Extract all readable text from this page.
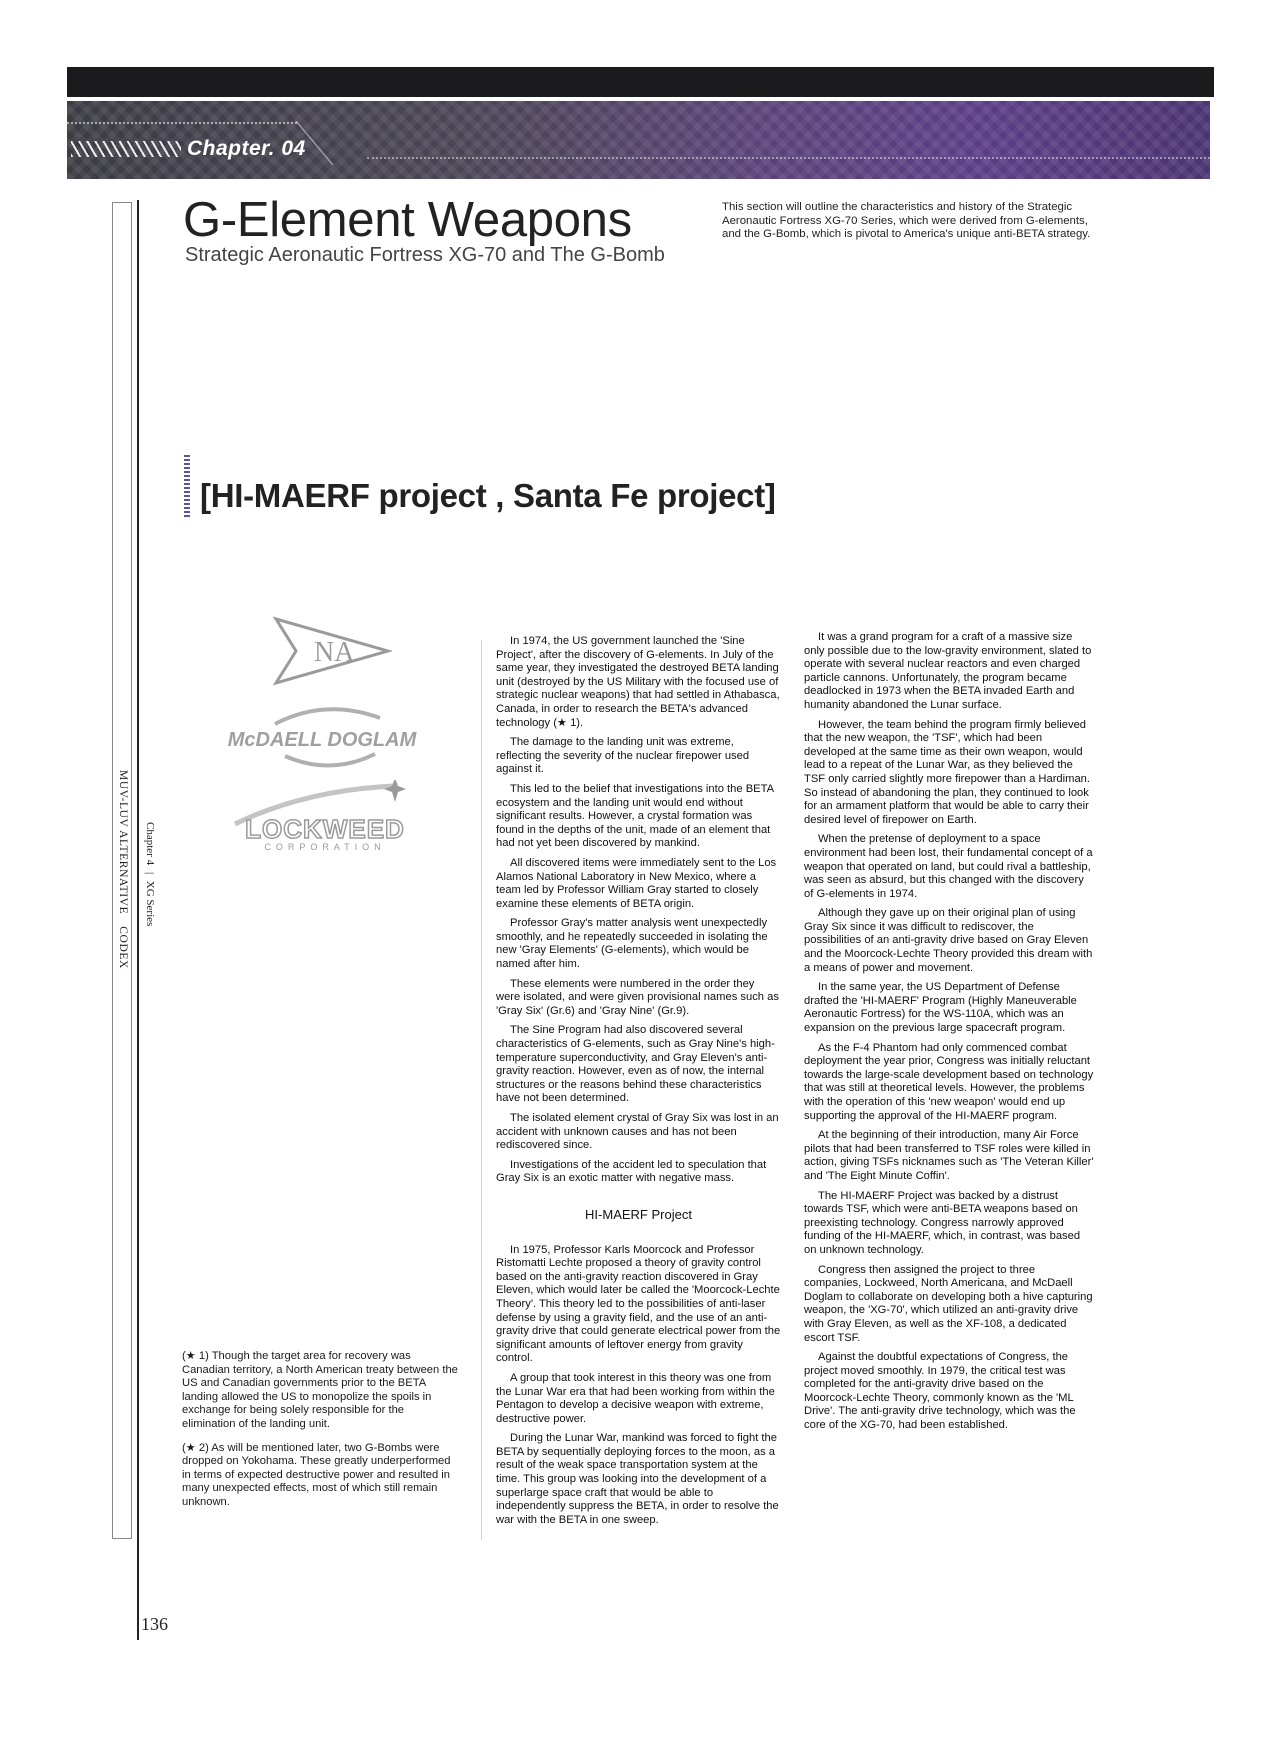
Chapter. 04
MUV-LUV ALTERNATIVE　CODEX Chapter 4 | XG Series
G-Element Weapons

Strategic Aeronautic Fortress XG-70 and The G-Bomb

This section will outline the characteristics and history of the Strategic Aeronautic Fortress XG-70 Series, which were derived from G-elements, and the G-Bomb, which is pivotal to America's unique anti-BETA strategy.

[HI-MAERF project , Santa Fe project]
NA
McDAELL DOGLAM
LOCKWEED
CORPORATION

In 1974, the US government launched the 'Sine Project', after the discovery of G-elements. In July of the same year, they investigated the destroyed BETA landing unit (destroyed by the US Military with the focused use of strategic nuclear weapons) that had settled in Athabasca, Canada, in order to research the BETA's advanced technology (★ 1).

The damage to the landing unit was extreme, reflecting the severity of the nuclear firepower used against it.

This led to the belief that investigations into the BETA ecosystem and the landing unit would end without significant results. However, a crystal formation was found in the depths of the unit, made of an element that had not yet been discovered by mankind.

All discovered items were immediately sent to the Los Alamos National Laboratory in New Mexico, where a team led by Professor William Gray started to closely examine these elements of BETA origin.

Professor Gray's matter analysis went unexpectedly smoothly, and he repeatedly succeeded in isolating the new 'Gray Elements' (G-elements), which would be named after him.

These elements were numbered in the order they were isolated, and were given provisional names such as 'Gray Six' (Gr.6) and 'Gray Nine' (Gr.9).

The Sine Program had also discovered several characteristics of G-elements, such as Gray Nine's high-temperature superconductivity, and Gray Eleven's anti-gravity reaction. However, even as of now, the internal structures or the reasons behind these characteristics have not been determined.

The isolated element crystal of Gray Six was lost in an accident with unknown causes and has not been rediscovered since.

Investigations of the accident led to speculation that Gray Six is an exotic matter with negative mass.

HI-MAERF Project

In 1975, Professor Karls Moorcock and Professor Ristomatti Lechte proposed a theory of gravity control based on the anti-gravity reaction discovered in Gray Eleven, which would later be called the 'Moorcock-Lechte Theory'. This theory led to the possibilities of anti-laser defense by using a gravity field, and the use of an anti-gravity drive that could generate electrical power from the significant amounts of leftover energy from gravity control.

A group that took interest in this theory was one from the Lunar War era that had been working from within the Pentagon to develop a decisive weapon with extreme, destructive power.

During the Lunar War, mankind was forced to fight the BETA by sequentially deploying forces to the moon, as a result of the weak space transportation system at the time. This group was looking into the development of a superlarge space craft that would be able to independently suppress the BETA, in order to resolve the war with the BETA in one sweep.

It was a grand program for a craft of a massive size only possible due to the low-gravity environment, slated to operate with several nuclear reactors and even charged particle cannons. Unfortunately, the program became deadlocked in 1973 when the BETA invaded Earth and humanity abandoned the Lunar surface.

However, the team behind the program firmly believed that the new weapon, the 'TSF', which had been developed at the same time as their own weapon, would lead to a repeat of the Lunar War, as they believed the TSF only carried slightly more firepower than a Hardiman. So instead of abandoning the plan, they continued to look for an armament platform that would be able to carry their desired level of firepower on Earth.

When the pretense of deployment to a space environment had been lost, their fundamental concept of a weapon that operated on land, but could rival a battleship, was seen as absurd, but this changed with the discovery of G-elements in 1974.

Although they gave up on their original plan of using Gray Six since it was difficult to rediscover, the possibilities of an anti-gravity drive based on Gray Eleven and the Moorcock-Lechte Theory provided this dream with a means of power and movement.

In the same year, the US Department of Defense drafted the 'HI-MAERF' Program (Highly Maneuverable Aeronautic Fortress) for the WS-110A, which was an expansion on the previous large spacecraft program.

As the F-4 Phantom had only commenced combat deployment the year prior, Congress was initially reluctant towards the large-scale development based on technology that was still at theoretical levels. However, the problems with the operation of this 'new weapon' would end up supporting the approval of the HI-MAERF program.

At the beginning of their introduction, many Air Force pilots that had been transferred to TSF roles were killed in action, giving TSFs nicknames such as 'The Veteran Killer' and 'The Eight Minute Coffin'.

The HI-MAERF Project was backed by a distrust towards TSF, which were anti-BETA weapons based on preexisting technology. Congress narrowly approved funding of the HI-MAERF, which, in contrast, was based on unknown technology.

Congress then assigned the project to three companies, Lockweed, North Americana, and McDaell Doglam to collaborate on developing both a hive capturing weapon, the 'XG-70', which utilized an anti-gravity drive with Gray Eleven, as well as the XF-108, a dedicated escort TSF.

Against the doubtful expectations of Congress, the project moved smoothly. In 1979, the critical test was completed for the anti-gravity drive based on the Moorcock-Lechte Theory, commonly known as the 'ML Drive'. The anti-gravity drive technology, which was the core of the XG-70, had been established.

(★ 1) Though the target area for recovery was Canadian territory, a North American treaty between the US and Canadian governments prior to the BETA landing allowed the US to monopolize the spoils in exchange for being solely responsible for the elimination of the landing unit.

(★ 2) As will be mentioned later, two G-Bombs were dropped on Yokohama. These greatly underperformed in terms of expected destructive power and resulted in many unexpected effects, most of which still remain unknown.

136
